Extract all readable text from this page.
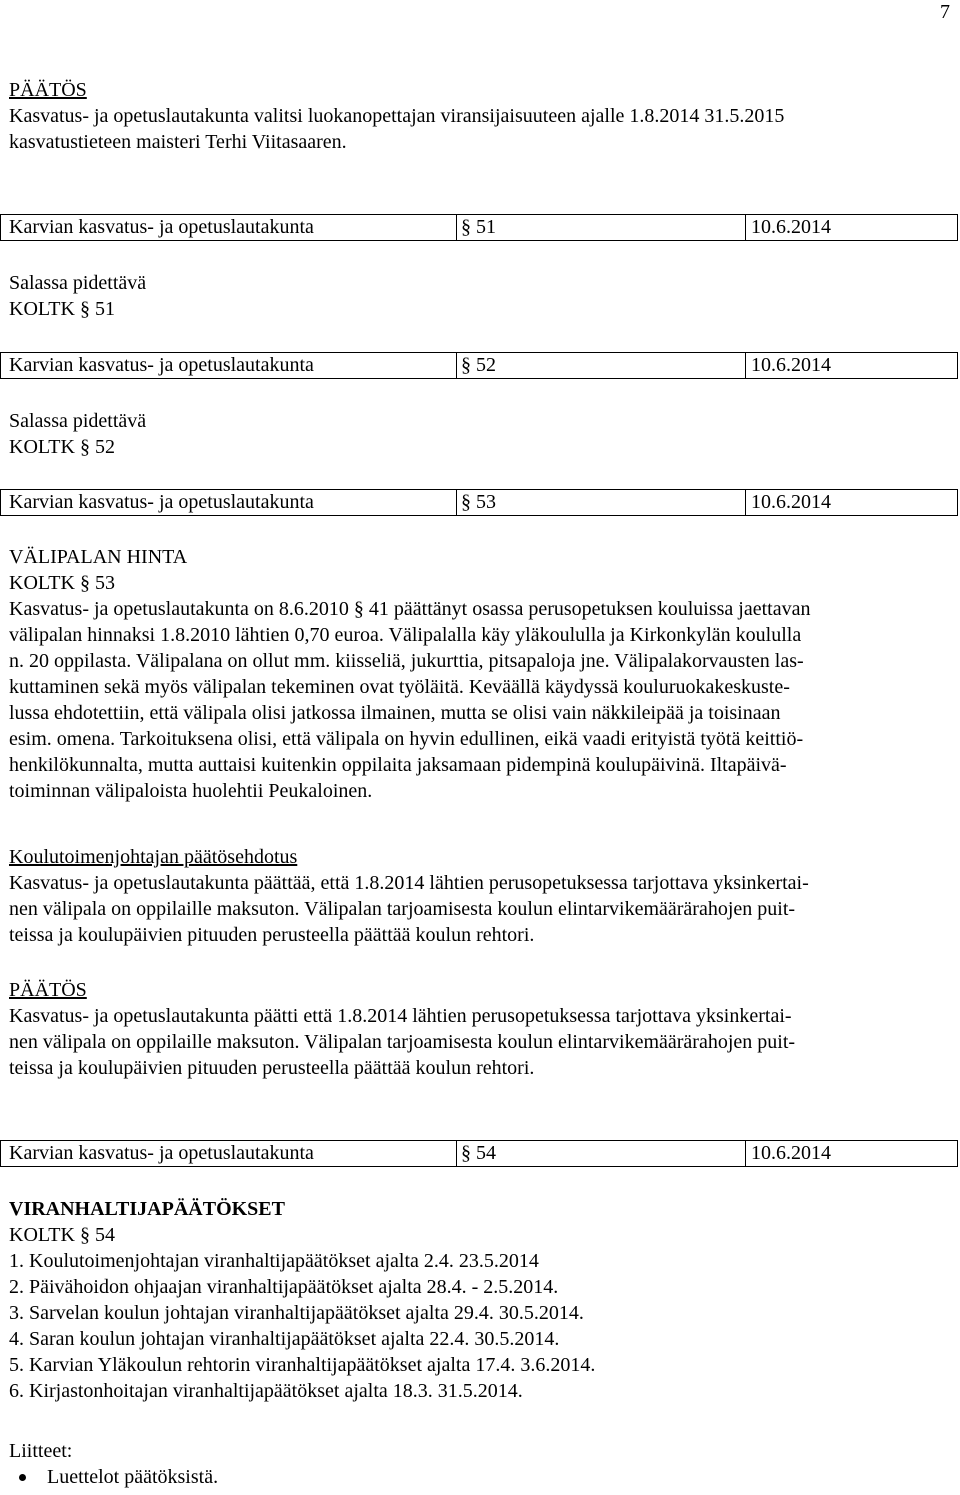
7
PÄÄTÖS
Kasvatus- ja opetuslautakunta valitsi luokanopettajan viransijaisuuteen ajalle 1.8.2014 31.5.2015
kasvatustieteen maisteri Terhi Viitasaaren.
Karvian kasvatus- ja opetuslautakunta	§ 51	10.6.2014
Salassa pidettävä
KOLTK § 51
Karvian kasvatus- ja opetuslautakunta	§ 52	10.6.2014
Salassa pidettävä
KOLTK § 52
Karvian kasvatus- ja opetuslautakunta	§ 53	10.6.2014
VÄLIPALAN HINTA
KOLTK § 53
Kasvatus- ja opetuslautakunta on 8.6.2010 § 41 päättänyt osassa perusopetuksen kouluissa jaettavan
välipalan hinnaksi 1.8.2010 lähtien 0,70 euroa. Välipalalla käy yläkoululla ja Kirkonkylän koululla
n. 20 oppilasta. Välipalana on ollut mm. kiisseliä, jukurttia, pitsapaloja jne. Välipalakorvausten las-
kuttaminen sekä myös välipalan tekeminen ovat työläitä. Keväällä käydyssä kouluruokakeskuste-
lussa ehdotettiin, että välipala olisi jatkossa ilmainen, mutta se olisi vain näkkileipää ja toisinaan
esim. omena. Tarkoituksena olisi, että välipala on hyvin edullinen, eikä vaadi erityistä työtä keittiö-
henkilökunnalta, mutta auttaisi kuitenkin oppilaita jaksamaan pidempinä koulupäivinä. Iltapäivä-
toiminnan välipaloista huolehtii Peukaloinen.
Koulutoimenjohtajan päätösehdotus
Kasvatus- ja opetuslautakunta päättää, että 1.8.2014 lähtien perusopetuksessa tarjottava yksinkertai-
nen välipala on oppilaille maksuton. Välipalan tarjoamisesta koulun elintarvikemäärärahojen puit-
teissa ja koulupäivien pituuden perusteella päättää koulun rehtori.
PÄÄTÖS
Kasvatus- ja opetuslautakunta päätti että 1.8.2014 lähtien perusopetuksessa tarjottava yksinkertai-
nen välipala on oppilaille maksuton. Välipalan tarjoamisesta koulun elintarvikemäärärahojen puit-
teissa ja koulupäivien pituuden perusteella päättää koulun rehtori.
Karvian kasvatus- ja opetuslautakunta	§ 54	10.6.2014
VIRANHALTIJAPÄÄTÖKSET
KOLTK § 54
1. Koulutoimenjohtajan viranhaltijapäätökset ajalta 2.4. 23.5.2014
2. Päivähoidon ohjaajan viranhaltijapäätökset ajalta 28.4. - 2.5.2014.
3. Sarvelan koulun johtajan viranhaltijapäätökset ajalta 29.4. 30.5.2014.
4. Saran koulun johtajan viranhaltijapäätökset ajalta 22.4. 30.5.2014.
5. Karvian Yläkoulun rehtorin viranhaltijapäätökset ajalta 17.4. 3.6.2014.
6. Kirjastonhoitajan viranhaltijapäätökset ajalta 18.3. 31.5.2014.
Liitteet:
Luettelot päätöksistä.
